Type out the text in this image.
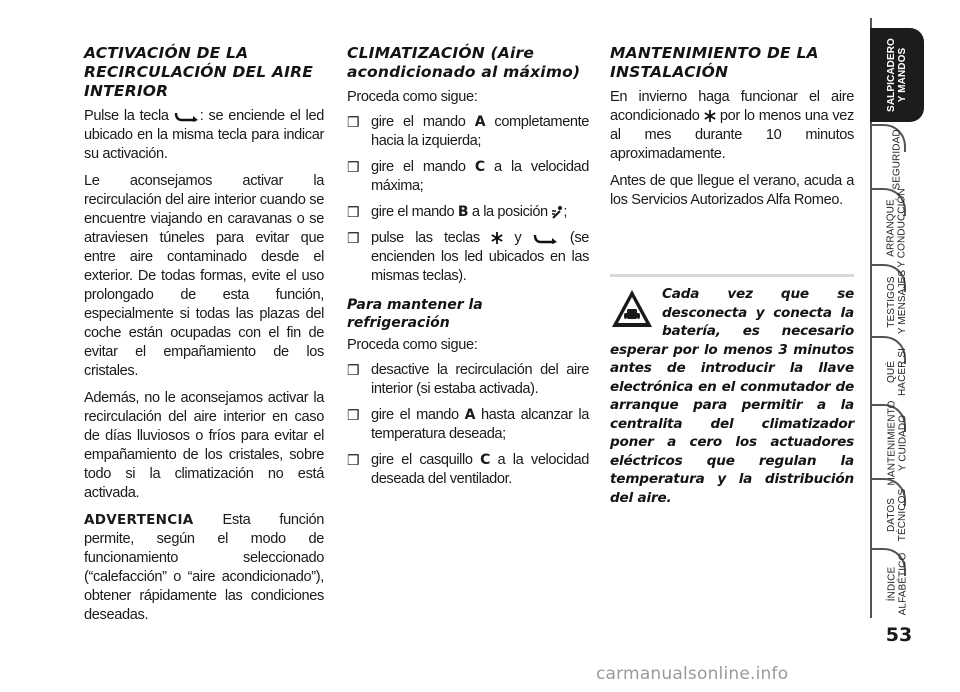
ACTIVACIÓN DE LA RECIRCULACIÓN DEL AIRE INTERIOR

Pulse la tecla : se enciende el led ubicado en la misma tecla para indicar su activación.

Le aconsejamos activar la recirculación del aire interior cuando se encuentre viajando en caravanas o se atraviesen túneles para evitar que entre aire contaminado desde el exterior. De todas formas, evite el uso prolongado de esta función, especialmente si todas las plazas del coche están ocupadas con el fin de evitar el empañamiento de los cristales.

Además, no le aconsejamos activar la recirculación del aire interior en caso de días lluviosos o fríos para evitar el empañamiento de los cristales, sobre todo si la climatización no está activada.

ADVERTENCIA Esta función permite, según el modo de funcionamiento seleccionado (“calefacción” o “aire acondicionado”), obtener rápidamente las condiciones deseadas.

CLIMATIZACIÓN (Aire acondicionado al máximo)

Proceda como sigue:

❒ gire el mando A completamente hacia la izquierda;
❒ gire el mando C a la velocidad máxima;
❒ gire el mando B a la posición ;
❒ pulse las teclas  y  (se encienden los led ubicados en las mismas teclas).
Para mantener la refrigeración

Proceda como sigue:

❒ desactive la recirculación del aire interior (si estaba activada).
❒ gire el mando A hasta alcanzar la temperatura deseada;
❒ gire el casquillo C a la velocidad deseada del ventilador.
MANTENIMIENTO DE LA INSTALACIÓN

En invierno haga funcionar el aire acondicionado  por lo menos una vez al mes durante 10 minutos aproximadamente.

Antes de que llegue el verano, acuda a los Servicios Autorizados Alfa Romeo.

Cada vez que se desconecta y conecta la batería, es necesario esperar por lo menos 3 minutos antes de introducir la llave electrónica en el conmutador de arranque para permitir a la centralita del climatizador poner a cero los actuadores eléctricos que regulan la temperatura y la distribución del aire.
SALPICADERO
Y MANDOS
SEGURIDAD
ARRANQUE
Y CONDUCCIÓN
TESTIGOS
Y MENSAJES
QUÉ
HACER SI
MANTENIMIENTO
Y CUIDADO
DATOS
TÉCNICOS
ÍNDICE
ALFABÉTICO
53
carmanualsonline.info
